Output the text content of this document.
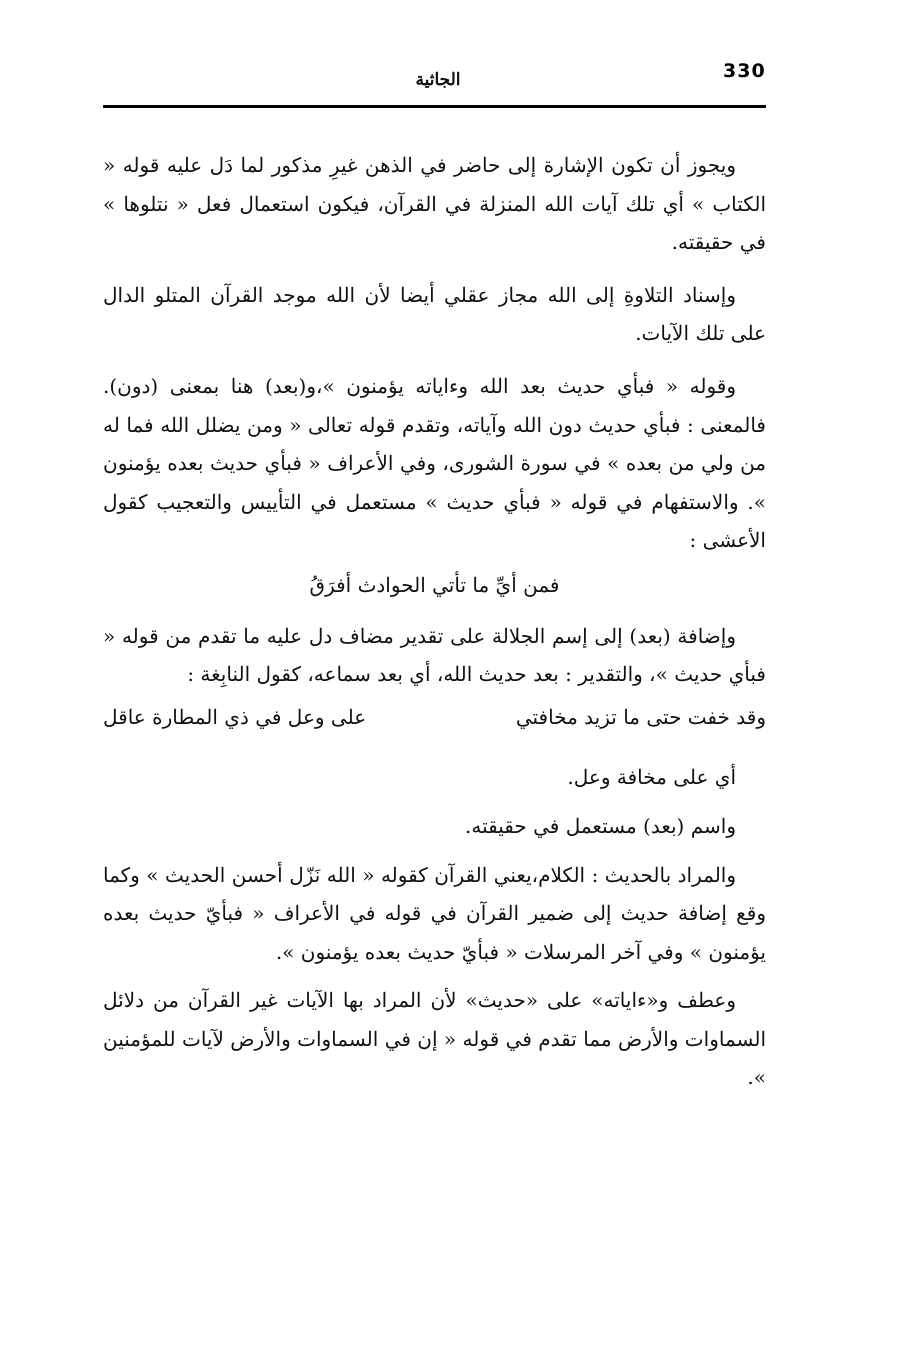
330
الجاثية

ويجوز أن تكون الإشارة إلى حاضر في الذهن غيرِ مذكور لما دَل عليه قوله « الكتاب » أي تلك آيات الله المنزلة في القرآن، فيكون استعمال فعل « نتلوها » في حقيقته.

وإسناد التلاوةِ إلى الله مجاز عقلي أيضا لأن الله موجد القرآن المتلو الدال على تلك الآيات.

وقوله « فبأي حديث بعد الله وءاياته يؤمنون »،و(بعد) هنا بمعنى (دون). فالمعنى : فبأي حديث دون الله وآياته، وتقدم قوله تعالى « ومن يضلل الله فما له من ولي من بعده » في سورة الشورى، وفي الأعراف « فبأي حديث بعده يؤمنون ». والاستفهام في قوله « فبأي حديث » مستعمل في التأييس والتعجيب كقول الأعشى :

فمن أيِّ ما تأتي الحوادث أفرَقُ

وإضافة (بعد) إلى إسم الجلالة على تقدير مضاف دل عليه ما تقدم من قوله « فبأي حديث »، والتقدير : بعد حديث الله، أي بعد سماعه، كقول النابِغة :

وقد خفت حتى ما تزيد مخافتي
على وعل في ذي المطارة عاقل

أي على مخافة وعل.

واسم (بعد) مستعمل في حقيقته.

والمراد بالحديث : الكلام،يعني القرآن كقوله « الله نَزّل أحسن الحديث » وكما وقع إضافة حديث إلى ضمير القرآن في قوله في الأعراف « فبأيّ حديث بعده يؤمنون » وفي آخر المرسلات « فبأيّ حديث بعده يؤمنون ».

وعطف و«ءاياته» على «حديث» لأن المراد بها الآيات غير القرآن من دلائل السماوات والأرض مما تقدم في قوله « إن في السماوات والأرض لآيات للمؤمنين ».
